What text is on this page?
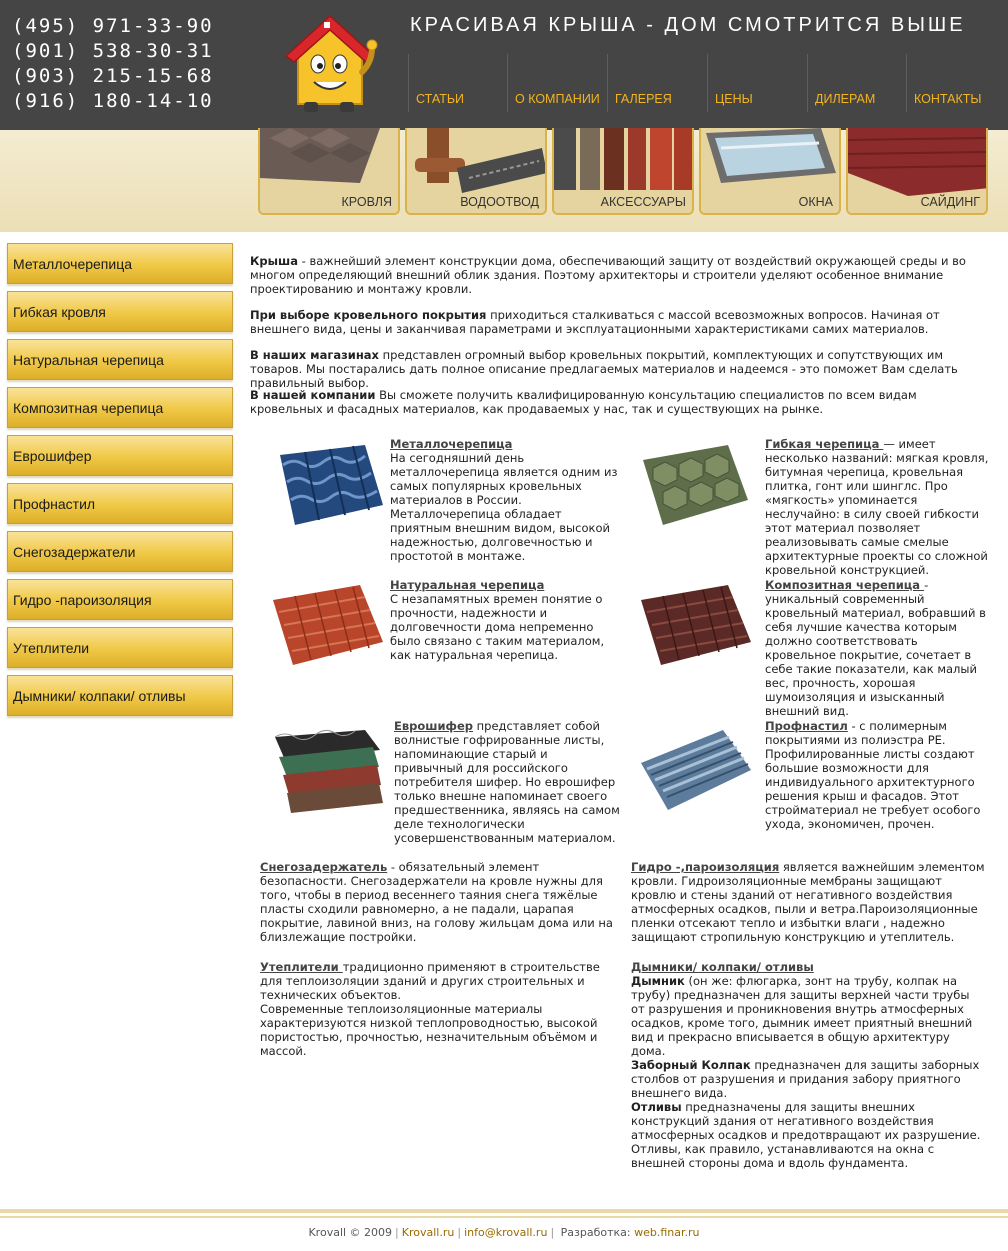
(495) 971-33-90
(901) 538-30-31
(903) 215-15-68
(916) 180-14-10
КРАСИВАЯ КРЫША - ДОМ СМОТРИТСЯ ВЫШЕ
СТАТЬИ	О КОМПАНИИ ГАЛЕРЕЯ	ЦЕНЫ	ДИЛЕРАМ	КОНТАКТЫ
КРОВЛЯ	ВОДООТВОД	АКСЕССУАРЫ	ОКНА	САЙДИНГ
Металлочерепица
Гибкая кровля
Натуральная черепица
Композитная черепица
Еврошифер
Профнастил
Снегозадержатели
Гидро -пароизоляция
Утеплители
Дымники/ колпаки/ отливы

Крыша - важнейший элемент конструкции дома, обеспечивающий защиту от воздействий окружающей среды и во многом определяющий внешний облик здания. Поэтому архитекторы и строители уделяют особенное внимание проектированию и монтажу кровли.

При выборе кровельного покрытия приходиться сталкиваться с массой всевозможных вопросов. Начиная от внешнего вида, цены и заканчивая параметрами и эксплуатационными характеристиками самих материалов.

В наших магазинах представлен огромный выбор кровельных покрытий, комплектующих и сопутствующих им товаров. Мы постарались дать полное описание предлагаемых материалов и надеемся - это поможет Вам сделать правильный выбор.

В нашей компании Вы сможете получить квалифицированную консультацию специалистов по всем видам кровельных и фасадных материалов, как продаваемых у нас, так и существующих на рынке.

Металлочерепица
На сегодняшний день металлочерепица является одним из самых популярных кровельных материалов в России. Металлочерепица обладает приятным внешним видом, высокой надежностью, долговечностью и простотой в монтаже.
Гибкая черепица — имеет несколько названий: мягкая кровля, битумная черепица, кровельная плитка, гонт или шинглс. Про «мягкость» упоминается неслучайно: в силу своей гибкости этот материал позволяет реализовывать самые смелые архитектурные проекты со сложной кровельной конструкцией.
Натуральная черепица
С незапамятных времен понятие о прочности, надежности и долговечности дома непременно было связано с таким материалом, как натуральная черепица.
Композитная черепица - уникальный современный кровельный материал, вобравший в себя лучшие качества которым должно соответствовать кровельное покрытие, сочетает в себе такие показатели, как малый вес, прочность, хорошая шумоизоляция и изысканный внешний вид.
Еврошифер представляет собой волнистые гофрированные листы, напоминающие старый и привычный для российского потребителя шифер. Но еврошифер только внешне напоминает своего предшественника, являясь на самом деле технологически усовершенствованным материалом.
Профнастил - с полимерным покрытиями из полиэстра PE. Профилированные листы создают большие возможности для индивидуального архитектурного решения крыш и фасадов. Этот стройматериал не требует особого ухода, экономичен, прочен.
Снегозадержатель - обязательный элемент безопасности. Снегозадержатели на кровле нужны для того, чтобы в период весеннего таяния снега тяжёлые пласты сходили равномерно, а не падали, царапая покрытие, лавиной вниз, на голову жильцам дома или на близлежащие постройки.
Гидро -,пароизоляция является важнейшим элементом кровли. Гидроизоляционные мембраны защищают кровлю и стены зданий от негативного воздействия атмосферных осадков, пыли и ветра.Пароизоляционные пленки отсекают тепло и избытки влаги , надежно защищают стропильную конструкцию и утеплитель.
Утеплители традиционно применяют в строительстве для теплоизоляции зданий и других строительных и технических объектов.
Современные теплоизоляционные материалы характеризуются низкой теплопроводностью, высокой пористостью, прочностью, незначительным объёмом и массой.
Дымники/ колпаки/ отливы
Дымник (он же: флюгарка, зонт на трубу, колпак на трубу) предназначен для защиты верхней части трубы от разрушения и проникновения внутрь атмосферных осадков, кроме того, дымник имеет приятный внешний вид и прекрасно вписывается в общую архитектуру дома.
Заборный Колпак предназначен для защиты заборных столбов от разрушения и придания забору приятного внешнего вида.
Отливы предназначены для защиты внешних конструкций здания от негативного воздействия атмосферных осадков и предотвращают их разрушение. Отливы, как правило, устанавливаются на окна с внешней стороны дома и вдоль фундамента.
Krovall © 2009 | Krovall.ru | info@krovall.ru | Разработка: web.finar.ru
